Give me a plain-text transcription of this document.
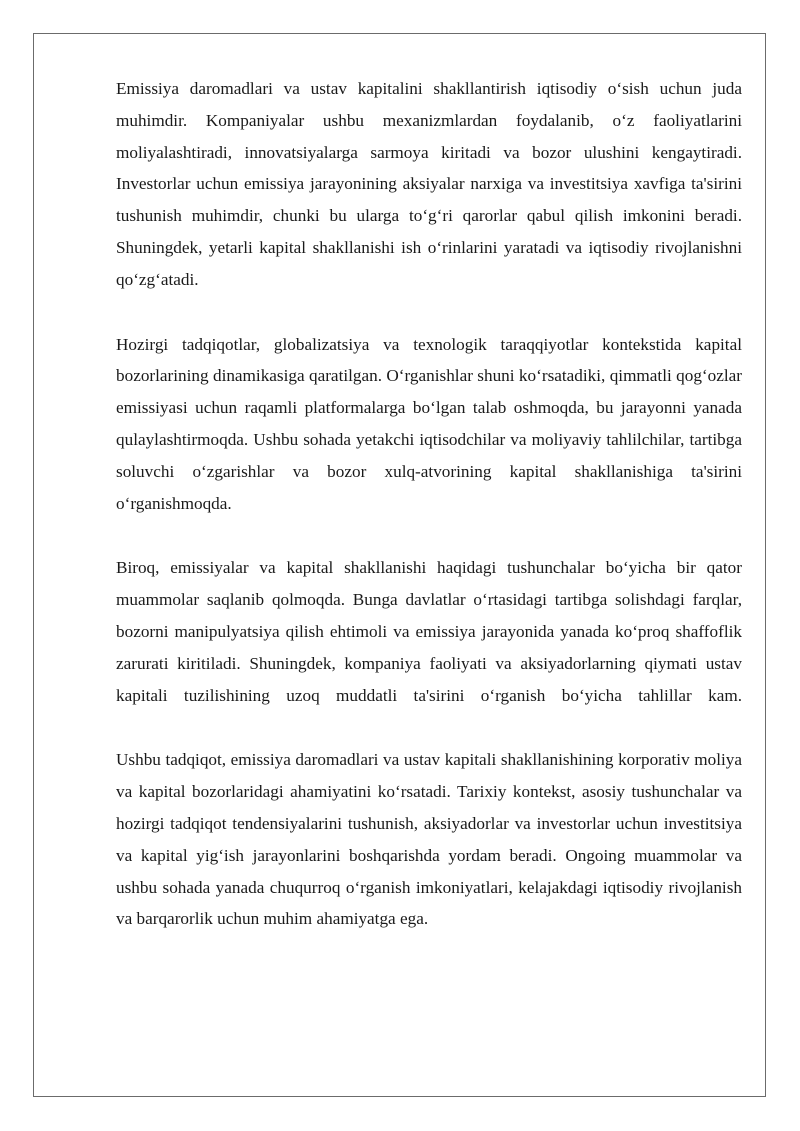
Emissiya daromadlari va ustav kapitalini shakllantirish iqtisodiy o‘sish uchun juda muhimdir. Kompaniyalar ushbu mexanizmlardan foydalanib, o‘z faoliyatlarini moliyalashtiradi, innovatsiyalarga sarmoya kiritadi va bozor ulushini kengaytiradi. Investorlar uchun emissiya jarayonining aksiyalar narxiga va investitsiya xavfiga ta'sirini tushunish muhimdir, chunki bu ularga to‘g‘ri qarorlar qabul qilish imkonini beradi. Shuningdek, yetarli kapital shakllanishi ish o‘rinlarini yaratadi va iqtisodiy rivojlanishni qo‘zg‘atadi.

Hozirgi tadqiqotlar, globalizatsiya va texnologik taraqqiyotlar kontekstida kapital bozorlarining dinamikasiga qaratilgan. O‘rganishlar shuni ko‘rsatadiki, qimmatli qog‘ozlar emissiyasi uchun raqamli platformalarga bo‘lgan talab oshmoqda, bu jarayonni yanada qulaylashtirmoqda. Ushbu sohada yetakchi iqtisodchilar va moliyaviy tahlilchilar, tartibga soluvchi o‘zgarishlar va bozor xulq-atvorining kapital shakllanishiga ta'sirini o‘rganishmoqda.

Biroq, emissiyalar va kapital shakllanishi haqidagi tushunchalar bo‘yicha bir qator muammolar saqlanib qolmoqda. Bunga davlatlar o‘rtasidagi tartibga solishdagi farqlar, bozorni manipulyatsiya qilish ehtimoli va emissiya jarayonida yanada ko‘proq shaffoflik zarurati kiritiladi. Shuningdek, kompaniya faoliyati va aksiyadorlarning qiymati ustav kapitali tuzilishining uzoq muddatli ta'sirini o‘rganish bo‘yicha tahlillar kam.

Ushbu tadqiqot, emissiya daromadlari va ustav kapitali shakllanishining korporativ moliya va kapital bozorlaridagi ahamiyatini ko‘rsatadi. Tarixiy kontekst, asosiy tushunchalar va hozirgi tadqiqot tendensiyalarini tushunish, aksiyadorlar va investorlar uchun investitsiya va kapital yig‘ish jarayonlarini boshqarishda yordam beradi. Ongoing muammolar va ushbu sohada yanada chuqurroq o‘rganish imkoniyatlari, kelajakdagi iqtisodiy rivojlanish va barqarorlik uchun muhim ahamiyatga ega.
